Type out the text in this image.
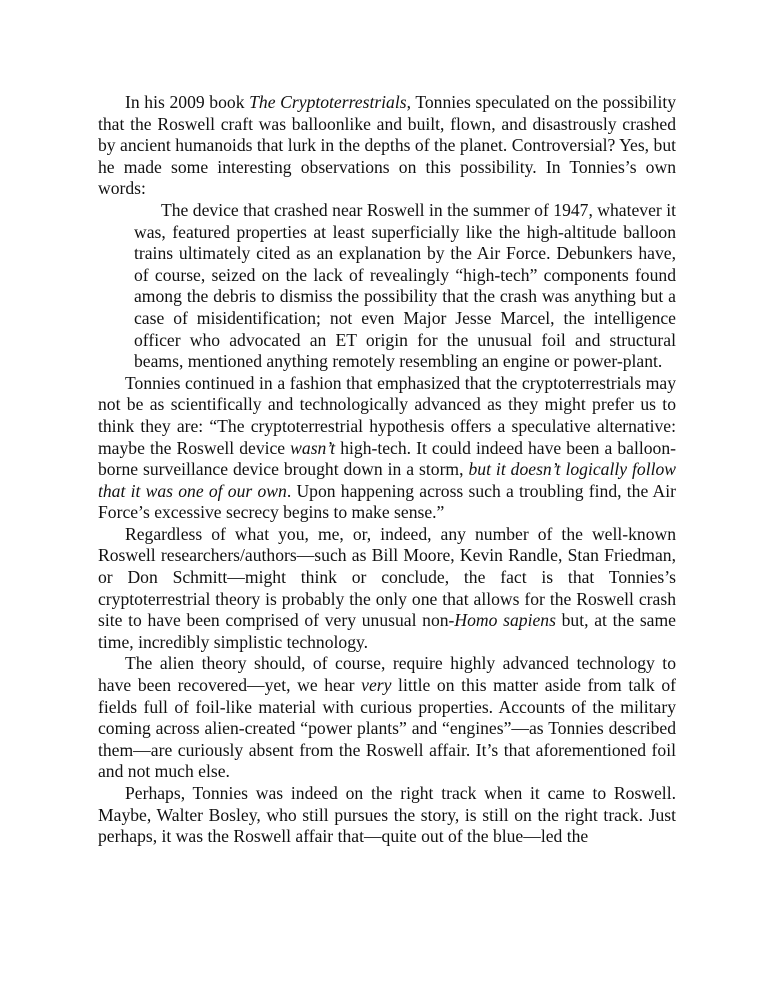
In his 2009 book The Cryptoterrestrials, Tonnies speculated on the possibility that the Roswell craft was balloonlike and built, flown, and disastrously crashed by ancient humanoids that lurk in the depths of the planet. Controversial? Yes, but he made some interesting observations on this possibility. In Tonnies’s own words:

The device that crashed near Roswell in the summer of 1947, whatever it was, featured properties at least superficially like the high-altitude balloon trains ultimately cited as an explanation by the Air Force. Debunkers have, of course, seized on the lack of revealingly “high-tech” components found among the debris to dismiss the possibility that the crash was anything but a case of misidentification; not even Major Jesse Marcel, the intelligence officer who advocated an ET origin for the unusual foil and structural beams, mentioned anything remotely resembling an engine or power-plant.

Tonnies continued in a fashion that emphasized that the cryptoterrestrials may not be as scientifically and technologically advanced as they might prefer us to think they are: “The cryptoterrestrial hypothesis offers a speculative alternative: maybe the Roswell device wasn’t high-tech. It could indeed have been a balloon-borne surveillance device brought down in a storm, but it doesn’t logically follow that it was one of our own. Upon happening across such a troubling find, the Air Force’s excessive secrecy begins to make sense.”

Regardless of what you, me, or, indeed, any number of the well-known Roswell researchers/authors—such as Bill Moore, Kevin Randle, Stan Friedman, or Don Schmitt—might think or conclude, the fact is that Tonnies’s cryptoterrestrial theory is probably the only one that allows for the Roswell crash site to have been comprised of very unusual non-Homo sapiens but, at the same time, incredibly simplistic technology.

The alien theory should, of course, require highly advanced technology to have been recovered—yet, we hear very little on this matter aside from talk of fields full of foil-like material with curious properties. Accounts of the military coming across alien-created “power plants” and “engines”—as Tonnies described them—are curiously absent from the Roswell affair. It’s that aforementioned foil and not much else.

Perhaps, Tonnies was indeed on the right track when it came to Roswell. Maybe, Walter Bosley, who still pursues the story, is still on the right track. Just perhaps, it was the Roswell affair that—quite out of the blue—led the
